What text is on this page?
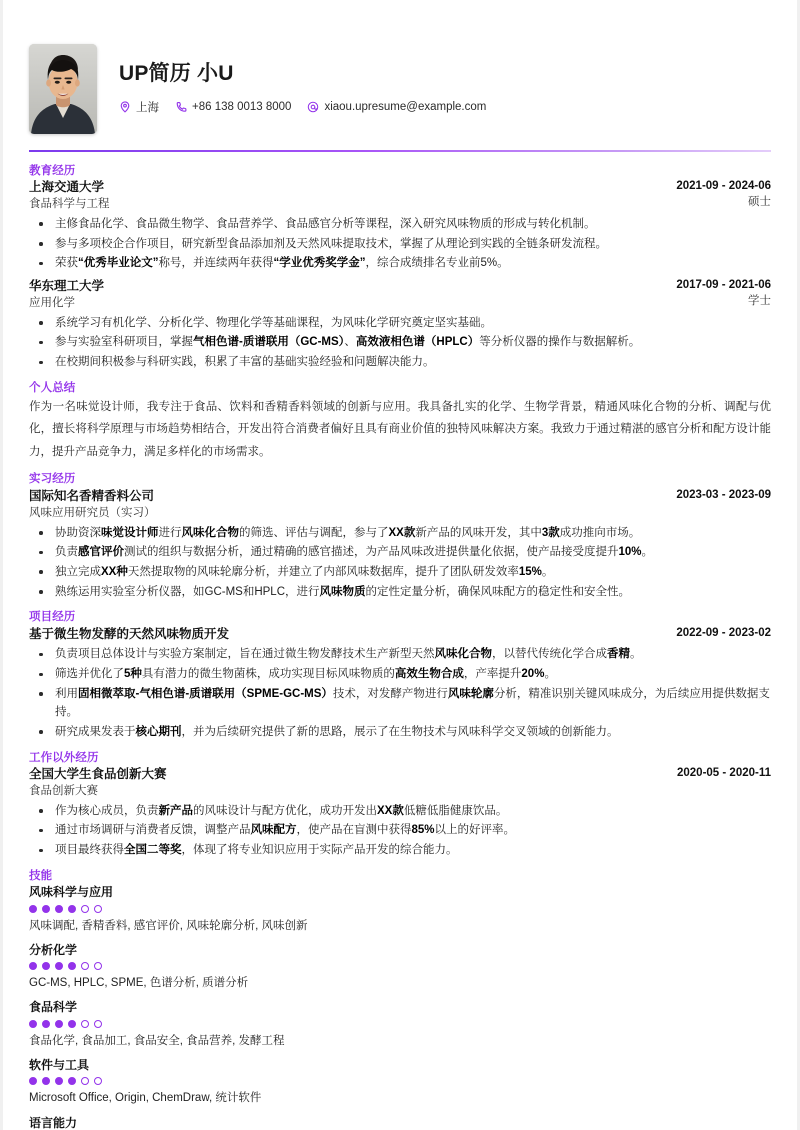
UP简历 小U
上海	+86 138 0013 8000	xiaou.upresume@example.com
教育经历
上海交通大学
食品科学与工程
2021-09 - 2024-06
硕士
主修食品化学、食品微生物学、食品营养学、食品感官分析等课程，深入研究风味物质的形成与转化机制。
参与多项校企合作项目，研究新型食品添加剂及天然风味提取技术，掌握了从理论到实践的全链条研发流程。
荣获“优秀毕业论文”称号，并连续两年获得“学业优秀奖学金”，综合成绩排名专业前5%。
华东理工大学
应用化学
2017-09 - 2021-06
学士
系统学习有机化学、分析化学、物理化学等基础课程，为风味化学研究奠定坚实基础。
参与实验室科研项目，掌握气相色谱-质谱联用（GC-MS）、高效液相色谱（HPLC）等分析仪器的操作与数据解析。
在校期间积极参与科研实践，积累了丰富的基础实验经验和问题解决能力。
个人总结

作为一名味觉设计师，我专注于食品、饮料和香精香料领域的创新与应用。我具备扎实的化学、生物学背景，精通风味化合物的分析、调配与优化，擅长将科学原理与市场趋势相结合，开发出符合消费者偏好且具有商业价值的独特风味解决方案。我致力于通过精湛的感官分析和配方设计能力，提升产品竞争力，满足多样化的市场需求。

实习经历
国际知名香精香料公司
风味应用研究员（实习）
2023-03 - 2023-09
协助资深味觉设计师进行风味化合物的筛选、评估与调配，参与了XX款新产品的风味开发，其中3款成功推向市场。
负责感官评价测试的组织与数据分析，通过精确的感官描述，为产品风味改进提供量化依据，使产品接受度提升10%。
独立完成XX种天然提取物的风味轮廓分析，并建立了内部风味数据库，提升了团队研发效率15%。
熟练运用实验室分析仪器，如GC-MS和HPLC，进行风味物质的定性定量分析，确保风味配方的稳定性和安全性。
项目经历
基于微生物发酵的天然风味物质开发	2022-09 - 2023-02
负责项目总体设计与实验方案制定，旨在通过微生物发酵技术生产新型天然风味化合物，以替代传统化学合成香精。
筛选并优化了5种具有潜力的微生物菌株，成功实现目标风味物质的高效生物合成，产率提升20%。
利用固相微萃取-气相色谱-质谱联用（SPME-GC-MS）技术，对发酵产物进行风味轮廓分析，精准识别关键风味成分，为后续应用提供数据支持。
研究成果发表于核心期刊，并为后续研究提供了新的思路，展示了在生物技术与风味科学交叉领域的创新能力。
工作以外经历
全国大学生食品创新大赛
食品创新大赛
2020-05 - 2020-11
作为核心成员，负责新产品的风味设计与配方优化，成功开发出XX款低糖低脂健康饮品。
通过市场调研与消费者反馈，调整产品风味配方，使产品在盲测中获得85%以上的好评率。
项目最终获得全国二等奖，体现了将专业知识应用于实际产品开发的综合能力。
技能
风味科学与应用
风味调配, 香精香料, 感官评价, 风味轮廓分析, 风味创新
分析化学
GC-MS, HPLC, SPME, 色谱分析, 质谱分析
食品科学
食品化学, 食品加工, 食品安全, 食品营养, 发酵工程
软件与工具
Microsoft Office, Origin, ChemDraw, 统计软件
语言能力
